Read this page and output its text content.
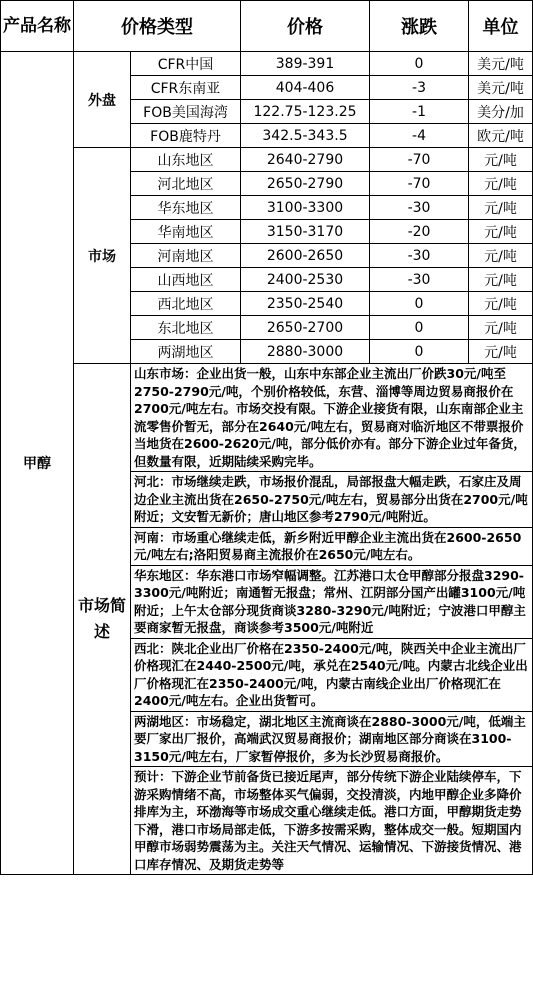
产品名称	价格类型		价格	涨跌	单位
甲醇	外盘	CFR中国	389-391	0	美元/吨
		CFR东南亚	404-406	-3	美元/吨
		FOB美国海湾	122.75-123.25	-1	美分/加
		FOB鹿特丹	342.5-343.5	-4	欧元/吨
	市场	山东地区	2640-2790	-70	元/吨
		河北地区	2650-2790	-70	元/吨
		华东地区	3100-3300	-30	元/吨
		华南地区	3150-3170	-20	元/吨
		河南地区	2600-2650	-30	元/吨
		山西地区	2400-2530	-30	元/吨
		西北地区	2350-2540	0	元/吨
		东北地区	2650-2700	0	元/吨
		两湖地区	2880-3000	0	元/吨
	市场简述	山东市场：企业出货一般，山东中东部企业主流出厂价跌30元/吨至2750-2790元/吨，个别价格较低，东营、淄博等周边贸易商报价在2700元/吨左右。市场交投有限。下游企业接货有限，山东南部企业主流零售价暂无，部分在2640元/吨左右，贸易商对临沂地区不带票报价当地货在2600-2620元/吨，部分低价亦有。部分下游企业过年备货，但数量有限，近期陆续采购完毕。			
		河北：市场继续走跌，市场报价混乱，局部报盘大幅走跌，石家庄及周边企业主流出货在2650-2750元/吨左右，贸易部分出货在2700元/吨附近；文安暂无新价；唐山地区参考2790元/吨附近。			
		河南：市场重心继续走低，新乡附近甲醇企业主流出货在2600-2650元/吨左右;洛阳贸易商主流报价在2650元/吨左右。			
		华东地区：华东港口市场窄幅调整。江苏港口太仓甲醇部分报盘3290-3300元/吨附近；南通暂无报盘；常州、江阴部分国产出罐3100元/吨附近；上午太仓部分现货商谈3280-3290元/吨附近；宁波港口甲醇主要商家暂无报盘，商谈参考3500元/吨附近			
		西北：陕北企业出厂价格在2350-2400元/吨，陕西关中企业主流出厂价格现汇在2440-2500元/吨，承兑在2540元/吨。内蒙古北线企业出厂价格现汇在2350-2400元/吨，内蒙古南线企业出厂价格现汇在2400元/吨左右。企业出货暂可。			
		两湖地区：市场稳定，湖北地区主流商谈在2880-3000元/吨，低端主要厂家出厂报价，高端武汉贸易商报价；湖南地区部分商谈在3100-3150元/吨左右，厂家暂停报价，多为长沙贸易商报价。			
		预计：下游企业节前备货已接近尾声，部分传统下游企业陆续停车，下游采购情绪不高，市场整体买气偏弱，交投清淡，内地甲醇企业多降价排库为主，环渤海等市场成交重心继续走低。港口方面，甲醇期货走势下滑，港口市场局部走低，下游多按需采购，整体成交一般。短期国内甲醇市场弱势震荡为主。关注天气情况、运输情况、下游接货情况、港口库存情况、及期货走势等			
